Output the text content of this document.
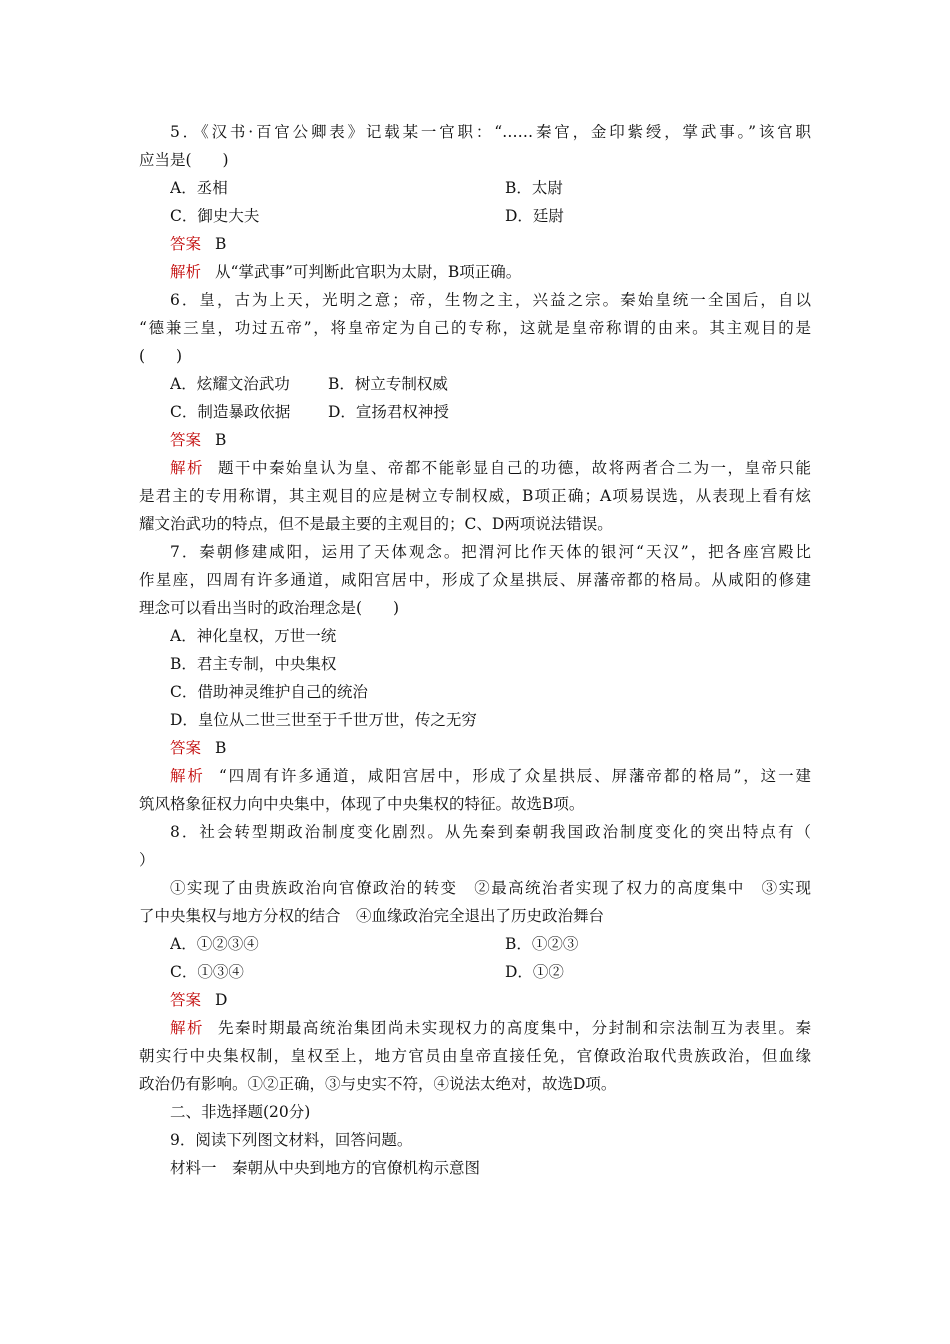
5．《汉书·百官公卿表》记载某一官职：“……秦官，金印紫绶，掌武事。”该官职
应当是(　　)
A．丞相	B．太尉
C．御史大夫	D．廷尉
答案 B
解析 从“掌武事”可判断此官职为太尉，B项正确。
6．皇，古为上天，光明之意；帝，生物之主，兴益之宗。秦始皇统一全国后，自以
“德兼三皇，功过五帝”，将皇帝定为自己的专称，这就是皇帝称谓的由来。其主观目的是
(　　)
A．炫耀文治武功 B．树立专制权威
C．制造暴政依据 D．宣扬君权神授
答案 B
解析 题干中秦始皇认为皇、帝都不能彰显自己的功德，故将两者合二为一，皇帝只能
是君主的专用称谓，其主观目的应是树立专制权威，B项正确；A项易误选，从表现上看有炫
耀文治武功的特点，但不是最主要的主观目的；C、D两项说法错误。
7．秦朝修建咸阳，运用了天体观念。把渭河比作天体的银河“天汉”，把各座宫殿比
作星座，四周有许多通道，咸阳宫居中，形成了众星拱辰、屏藩帝都的格局。从咸阳的修建
理念可以看出当时的政治理念是(　　)
A．神化皇权，万世一统
B．君主专制，中央集权
C．借助神灵维护自己的统治
D．皇位从二世三世至于千世万世，传之无穷
答案 B
解析 “四周有许多通道，咸阳宫居中，形成了众星拱辰、屏藩帝都的格局”，这一建
筑风格象征权力向中央集中，体现了中央集权的特征。故选B项。
8．社会转型期政治制度变化剧烈。从先秦到秦朝我国政治制度变化的突出特点有（
）
①实现了由贵族政治向官僚政治的转变　②最高统治者实现了权力的高度集中　③实现
了中央集权与地方分权的结合　④血缘政治完全退出了历史政治舞台
A．①②③④	B．①②③
C．①③④	D．①②
答案 D
解析 先秦时期最高统治集团尚未实现权力的高度集中，分封制和宗法制互为表里。秦
朝实行中央集权制，皇权至上，地方官员由皇帝直接任免，官僚政治取代贵族政治，但血缘
政治仍有影响。①②正确，③与史实不符，④说法太绝对，故选D项。
二、非选择题(20分)
9．阅读下列图文材料，回答问题。
材料一　秦朝从中央到地方的官僚机构示意图
